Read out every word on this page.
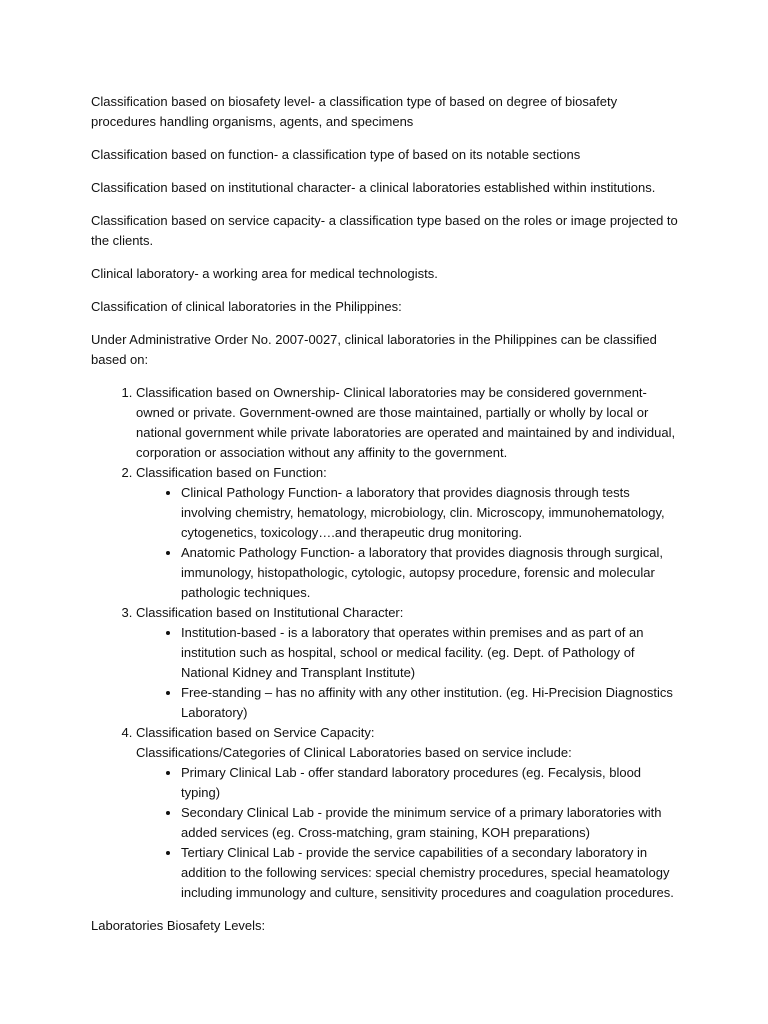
Classification based on biosafety level- a classification type of based on degree of biosafety procedures handling organisms, agents, and specimens

Classification based on function- a classification type of based on its notable sections

Classification based on institutional character- a clinical laboratories established within institutions.

Classification based on service capacity- a classification type based on the roles or image projected to the clients.

Clinical laboratory- a working area for medical technologists.

Classification of clinical laboratories in the Philippines:

Under Administrative Order No. 2007-0027, clinical laboratories in the Philippines can be classified based on:

1. Classification based on Ownership- Clinical laboratories may be considered government-owned or private. Government-owned are those maintained, partially or wholly by local or national government while private laboratories are operated and maintained by and individual, corporation or association without any affinity to the government.
2. Classification based on Function:
• Clinical Pathology Function- a laboratory that provides diagnosis through tests involving chemistry, hematology, microbiology, clin. Microscopy, immunohematology, cytogenetics, toxicology….and therapeutic drug monitoring.
• Anatomic Pathology Function- a laboratory that provides diagnosis through surgical, immunology, histopathologic, cytologic, autopsy procedure, forensic and molecular pathologic techniques.
3. Classification based on Institutional Character:
• Institution-based - is a laboratory that operates within premises and as part of an institution such as hospital, school or medical facility. (eg. Dept. of Pathology of National Kidney and Transplant Institute)
• Free-standing – has no affinity with any other institution. (eg. Hi-Precision Diagnostics Laboratory)
4. Classification based on Service Capacity:
Classifications/Categories of Clinical Laboratories based on service include:
• Primary Clinical Lab - offer standard laboratory procedures (eg. Fecalysis, blood typing)
• Secondary Clinical Lab - provide the minimum service of a primary laboratories with added services (eg. Cross-matching, gram staining, KOH preparations)
• Tertiary Clinical Lab - provide the service capabilities of a secondary laboratory in addition to the following services: special chemistry procedures, special heamatology including immunology and culture, sensitivity procedures and coagulation procedures.

Laboratories Biosafety Levels:
